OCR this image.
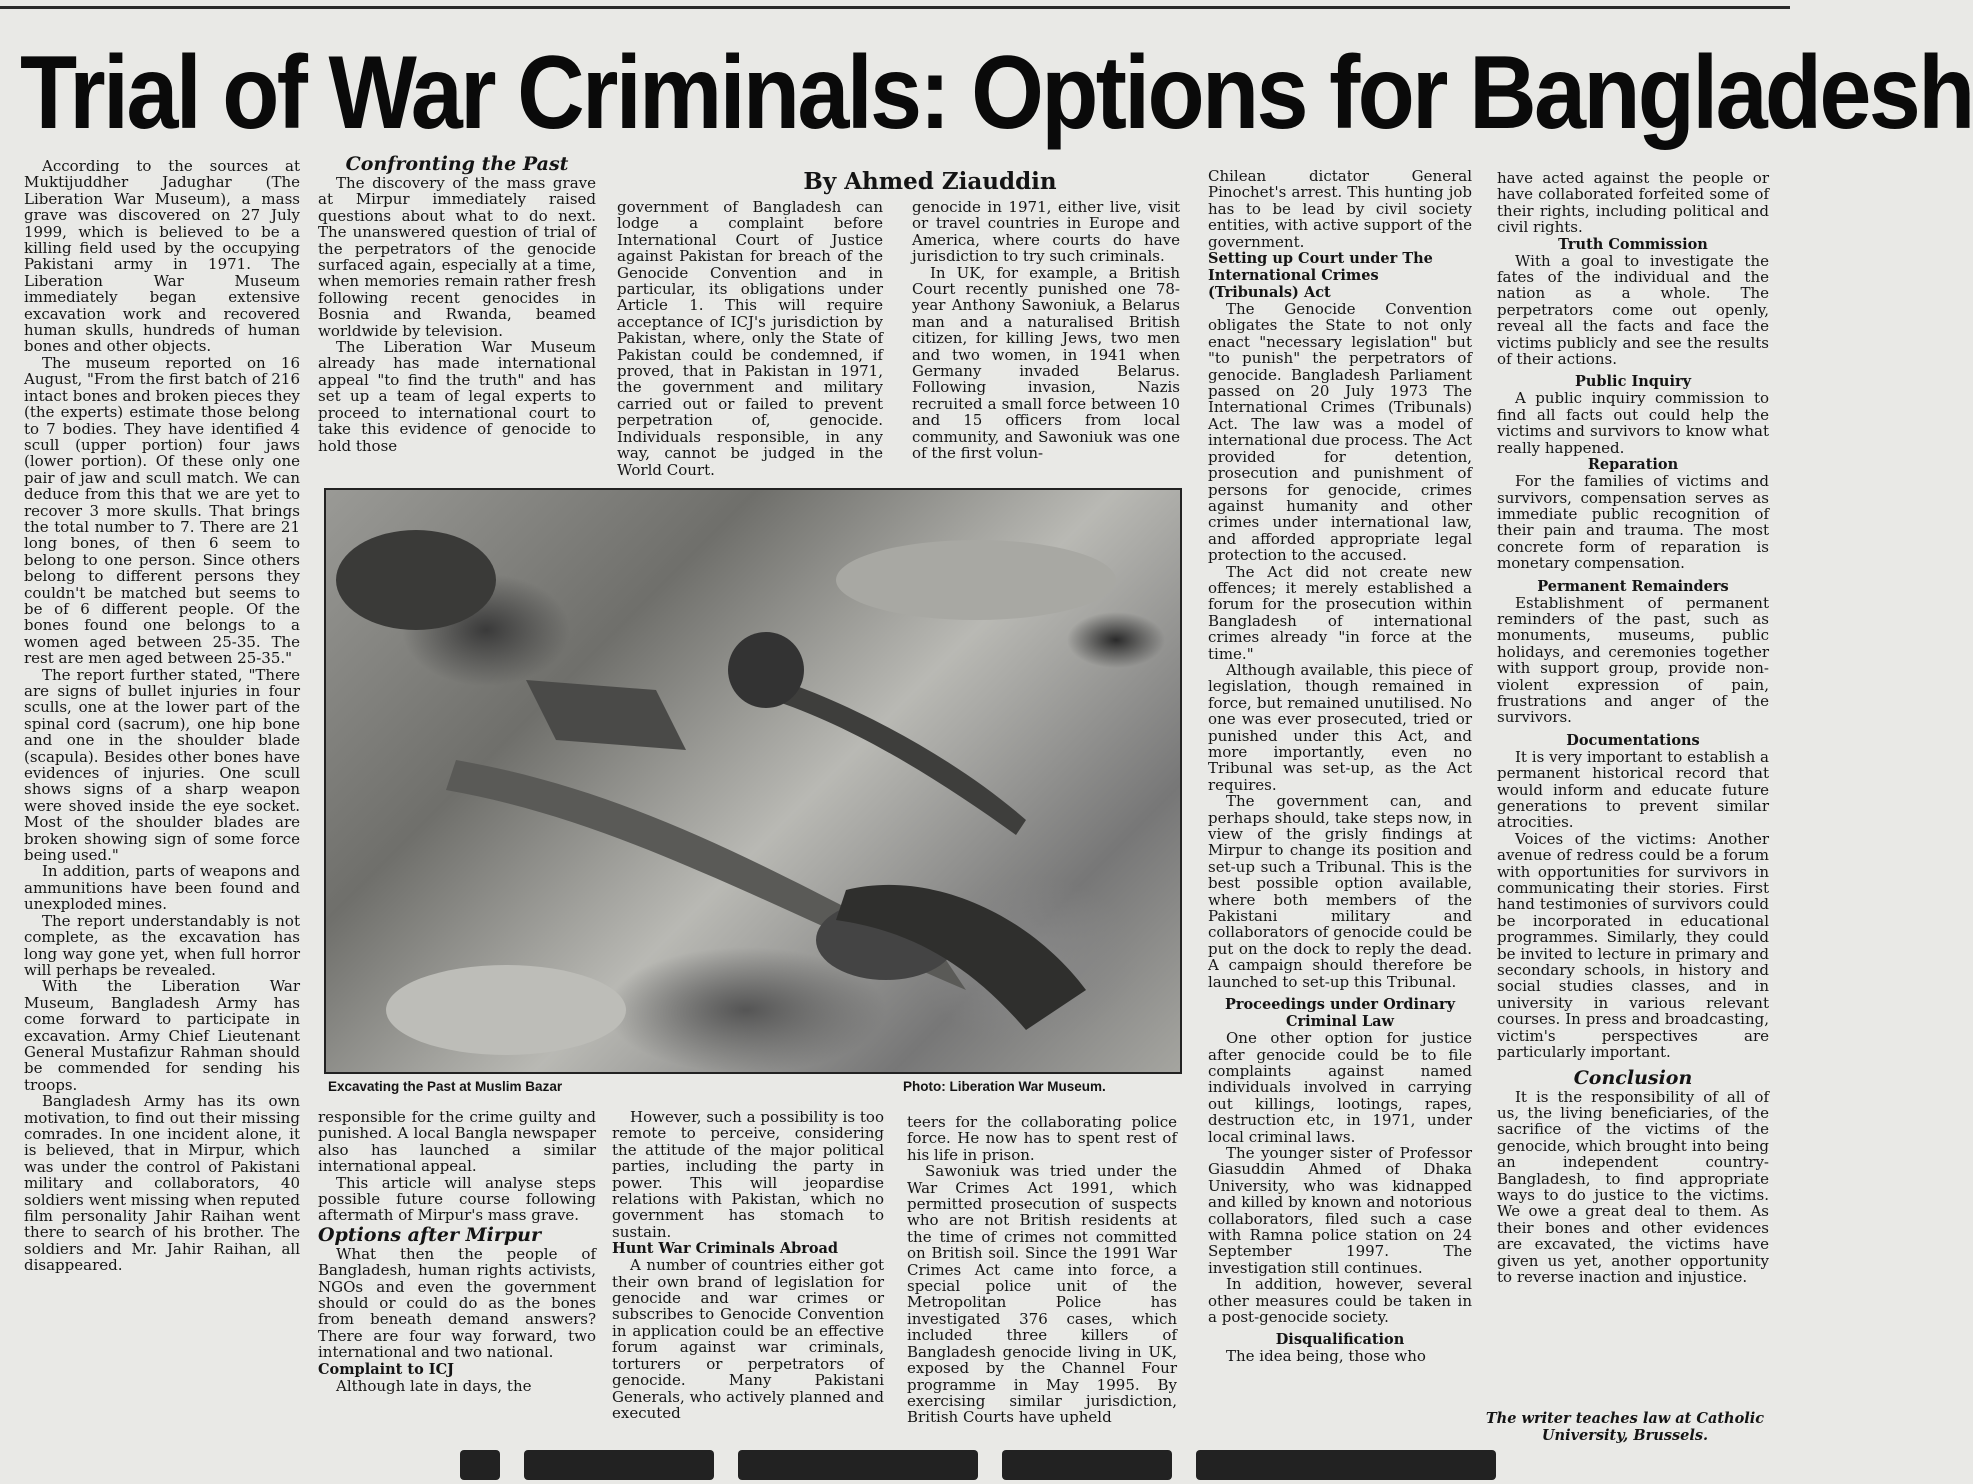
Trial of War Criminals: Options for Bangladesh
By Ahmed Ziauddin

According to the sources at Muktijuddher Jadughar (The Liberation War Museum), a mass grave was discovered on 27 July 1999, which is believed to be a killing field used by the occupying Pakistani army in 1971. The Liberation War Museum immediately began extensive excavation work and recovered human skulls, hundreds of human bones and other objects.

The museum reported on 16 August, "From the first batch of 216 intact bones and broken pieces they (the experts) estimate those belong to 7 bodies. They have identified 4 scull (upper portion) four jaws (lower portion). Of these only one pair of jaw and scull match. We can deduce from this that we are yet to recover 3 more skulls. That brings the total number to 7. There are 21 long bones, of then 6 seem to belong to one person. Since others belong to different persons they couldn't be matched but seems to be of 6 different people. Of the bones found one belongs to a women aged between 25-35. The rest are men aged between 25-35."

The report further stated, "There are signs of bullet injuries in four sculls, one at the lower part of the spinal cord (sacrum), one hip bone and one in the shoulder blade (scapula). Besides other bones have evidences of injuries. One scull shows signs of a sharp weapon were shoved inside the eye socket. Most of the shoulder blades are broken showing sign of some force being used."

In addition, parts of weapons and ammunitions have been found and unexploded mines.

The report understandably is not complete, as the excavation has long way gone yet, when full horror will perhaps be revealed.

With the Liberation War Museum, Bangladesh Army has come forward to participate in excavation. Army Chief Lieutenant General Mustafizur Rahman should be commended for sending his troops.

Bangladesh Army has its own motivation, to find out their missing comrades. In one incident alone, it is believed, that in Mirpur, which was under the control of Pakistani military and collaborators, 40 soldiers went missing when reputed film personality Jahir Raihan went there to search of his brother. The soldiers and Mr. Jahir Raihan, all disappeared.

Confronting the Past

The discovery of the mass grave at Mirpur immediately raised questions about what to do next. The unanswered question of trial of the perpetrators of the genocide surfaced again, especially at a time, when memories remain rather fresh following recent genocides in Bosnia and Rwanda, beamed worldwide by television.

The Liberation War Museum already has made international appeal "to find the truth" and has set up a team of legal experts to proceed to international court to take this evidence of genocide to hold those

government of Bangladesh can lodge a complaint before International Court of Justice against Pakistan for breach of the Genocide Convention and in particular, its obligations under Article 1. This will require acceptance of ICJ's jurisdiction by Pakistan, where, only the State of Pakistan could be condemned, if proved, that in Pakistan in 1971, the government and military carried out or failed to prevent perpetration of, genocide. Individuals responsible, in any way, cannot be judged in the World Court.

genocide in 1971, either live, visit or travel countries in Europe and America, where courts do have jurisdiction to try such criminals.

In UK, for example, a British Court recently punished one 78-year Anthony Sawoniuk, a Belarus man and a naturalised British citizen, for killing Jews, two men and two women, in 1941 when Germany invaded Belarus. Following invasion, Nazis recruited a small force between 10 and 15 officers from local community, and Sawoniuk was one of the first volun-

Excavating the Past at Muslim Bazar	Photo: Liberation War Museum.

responsible for the crime guilty and punished. A local Bangla newspaper also has launched a similar international appeal.

This article will analyse steps possible future course following aftermath of Mirpur's mass grave.

Options after Mirpur

What then the people of Bangladesh, human rights activists, NGOs and even the government should or could do as the bones from beneath demand answers? There are four way forward, two international and two national.

Complaint to ICJ

Although late in days, the

However, such a possibility is too remote to perceive, considering the attitude of the major political parties, including the party in power. This will jeopardise relations with Pakistan, which no government has stomach to sustain.

Hunt War Criminals Abroad

A number of countries either got their own brand of legislation for genocide and war crimes or subscribes to Genocide Convention in application could be an effective forum against war criminals, torturers or perpetrators of genocide. Many Pakistani Generals, who actively planned and executed

teers for the collaborating police force. He now has to spent rest of his life in prison.

Sawoniuk was tried under the War Crimes Act 1991, which permitted prosecution of suspects who are not British residents at the time of crimes not committed on British soil. Since the 1991 War Crimes Act came into force, a special police unit of the Metropolitan Police has investigated 376 cases, which included three killers of Bangladesh genocide living in UK, exposed by the Channel Four programme in May 1995. By exercising similar jurisdiction, British Courts have upheld

Chilean dictator General Pinochet's arrest. This hunting job has to be lead by civil society entities, with active support of the government.

Setting up Court under The International Crimes (Tribunals) Act

The Genocide Convention obligates the State to not only enact "necessary legislation" but "to punish" the perpetrators of genocide. Bangladesh Parliament passed on 20 July 1973 The International Crimes (Tribunals) Act. The law was a model of international due process. The Act provided for detention, prosecution and punishment of persons for genocide, crimes against humanity and other crimes under international law, and afforded appropriate legal protection to the accused.

The Act did not create new offences; it merely established a forum for the prosecution within Bangladesh of international crimes already "in force at the time."

Although available, this piece of legislation, though remained in force, but remained unutilised. No one was ever prosecuted, tried or punished under this Act, and more importantly, even no Tribunal was set-up, as the Act requires.

The government can, and perhaps should, take steps now, in view of the grisly findings at Mirpur to change its position and set-up such a Tribunal. This is the best possible option available, where both members of the Pakistani military and collaborators of genocide could be put on the dock to reply the dead. A campaign should therefore be launched to set-up this Tribunal.

Proceedings under Ordinary Criminal Law

One other option for justice after genocide could be to file complaints against named individuals involved in carrying out killings, lootings, rapes, destruction etc, in 1971, under local criminal laws.

The younger sister of Professor Giasuddin Ahmed of Dhaka University, who was kidnapped and killed by known and notorious collaborators, filed such a case with Ramna police station on 24 September 1997. The investigation still continues.

In addition, however, several other measures could be taken in a post-genocide society.

Disqualification

The idea being, those who

have acted against the people or have collaborated forfeited some of their rights, including political and civil rights.

Truth Commission

With a goal to investigate the fates of the individual and the nation as a whole. The perpetrators come out openly, reveal all the facts and face the victims publicly and see the results of their actions.

Public Inquiry

A public inquiry commission to find all facts out could help the victims and survivors to know what really happened.

Reparation

For the families of victims and survivors, compensation serves as immediate public recognition of their pain and trauma. The most concrete form of reparation is monetary compensation.

Permanent Remainders

Establishment of permanent reminders of the past, such as monuments, museums, public holidays, and ceremonies together with support group, provide non-violent expression of pain, frustrations and anger of the survivors.

Documentations

It is very important to establish a permanent historical record that would inform and educate future generations to prevent similar atrocities.

Voices of the victims: Another avenue of redress could be a forum with opportunities for survivors in communicating their stories. First hand testimonies of survivors could be incorporated in educational programmes. Similarly, they could be invited to lecture in primary and secondary schools, in history and social studies classes, and in university in various relevant courses. In press and broadcasting, victim's perspectives are particularly important.

Conclusion

It is the responsibility of all of us, the living beneficiaries, of the sacrifice of the victims of the genocide, which brought into being an independent country-Bangladesh, to find appropriate ways to do justice to the victims. We owe a great deal to them. As their bones and other evidences are excavated, the victims have given us yet, another opportunity to reverse inaction and injustice.

The writer teaches law at Catholic University, Brussels.
